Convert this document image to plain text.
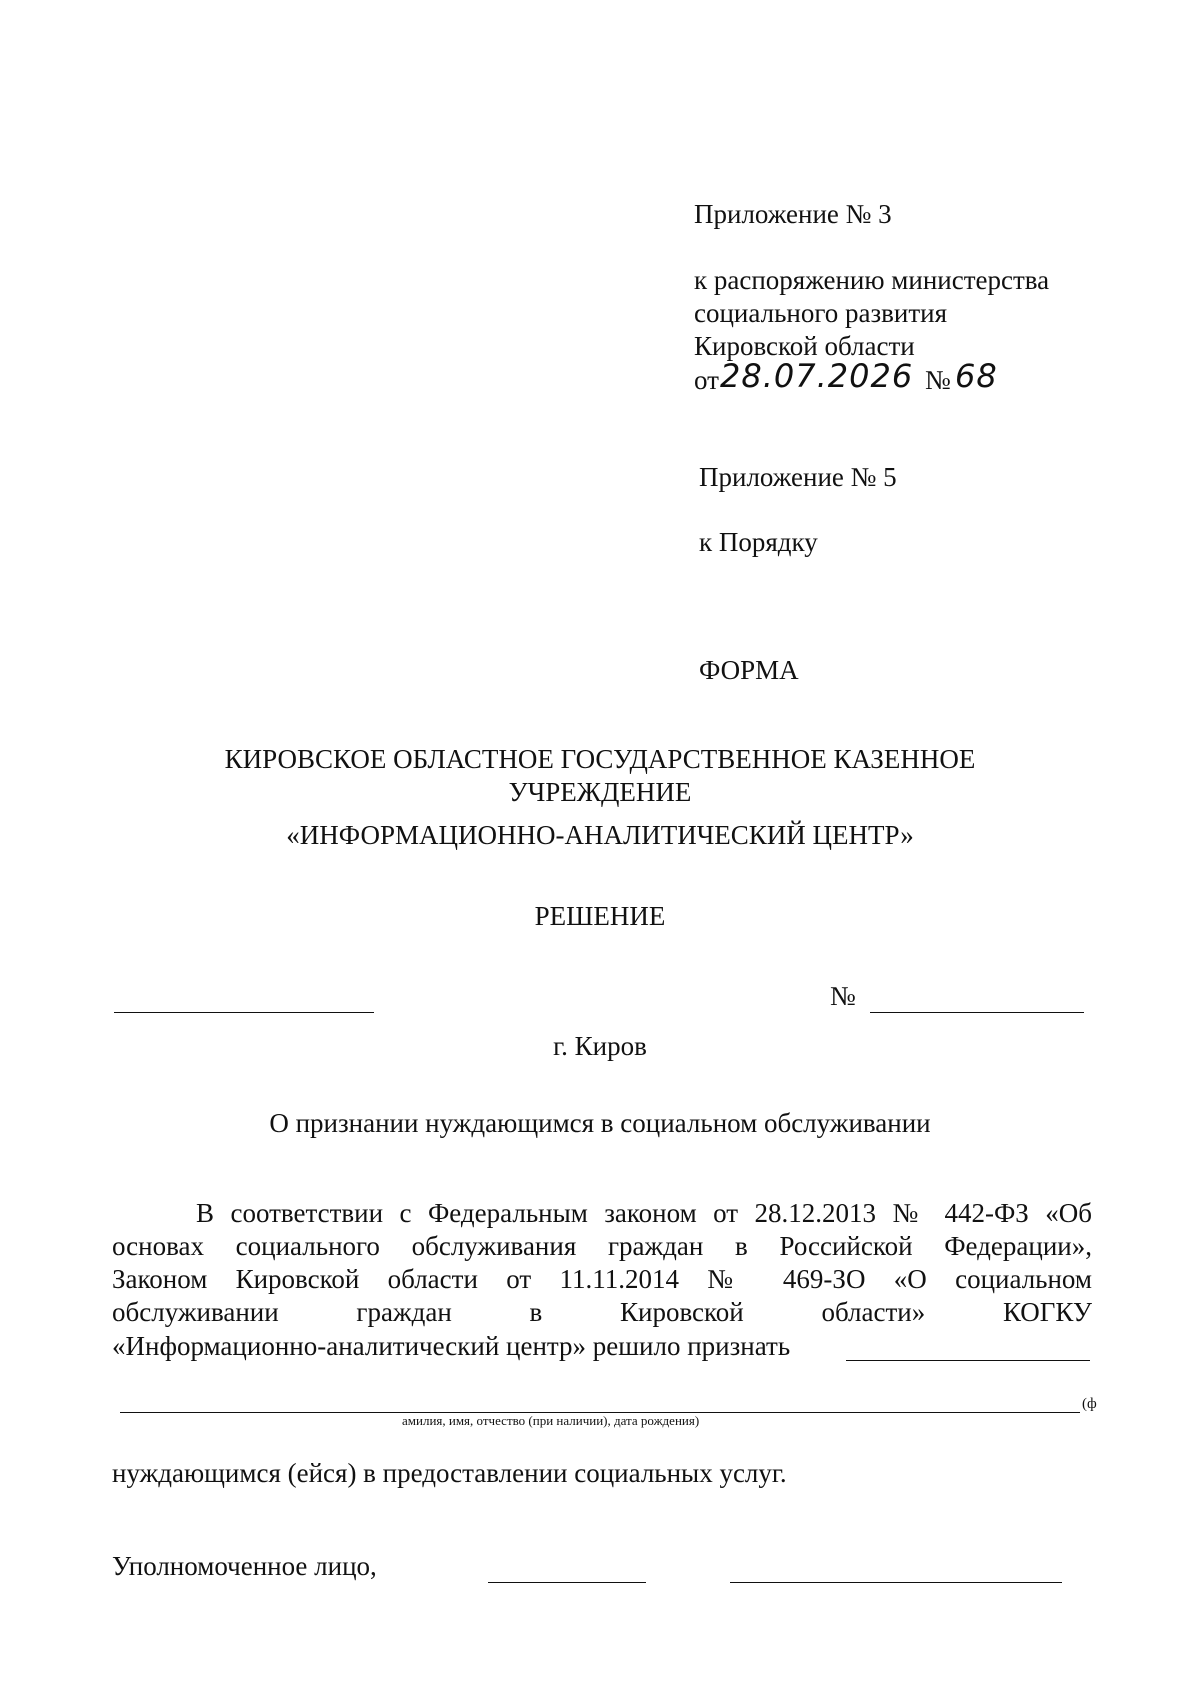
Приложение № 3
к распоряжению министерства
социального развития
Кировской области
от 28.07.2026 № 68
Приложение № 5
к Порядку
ФОРМА
КИРОВСКОЕ ОБЛАСТНОЕ ГОСУДАРСТВЕННОЕ КАЗЕННОЕ
УЧРЕЖДЕНИЕ
«ИНФОРМАЦИОННО-АНАЛИТИЧЕСКИЙ ЦЕНТР»
РЕШЕНИЕ
№
г. Киров
О признании нуждающимся в социальном обслуживании
В соответствии с Федеральным законом от 28.12.2013 № 442-ФЗ «Об
основах социального обслуживания граждан в Российской Федерации»,
Законом Кировской области от 11.11.2014 № 469-ЗО «О социальном
обслуживании граждан в Кировской области» КОГКУ
«Информационно-аналитический центр» решило признать
(ф
амилия, имя, отчество (при наличии), дата рождения)
нуждающимся (ейся) в предоставлении социальных услуг.
Уполномоченное лицо,
